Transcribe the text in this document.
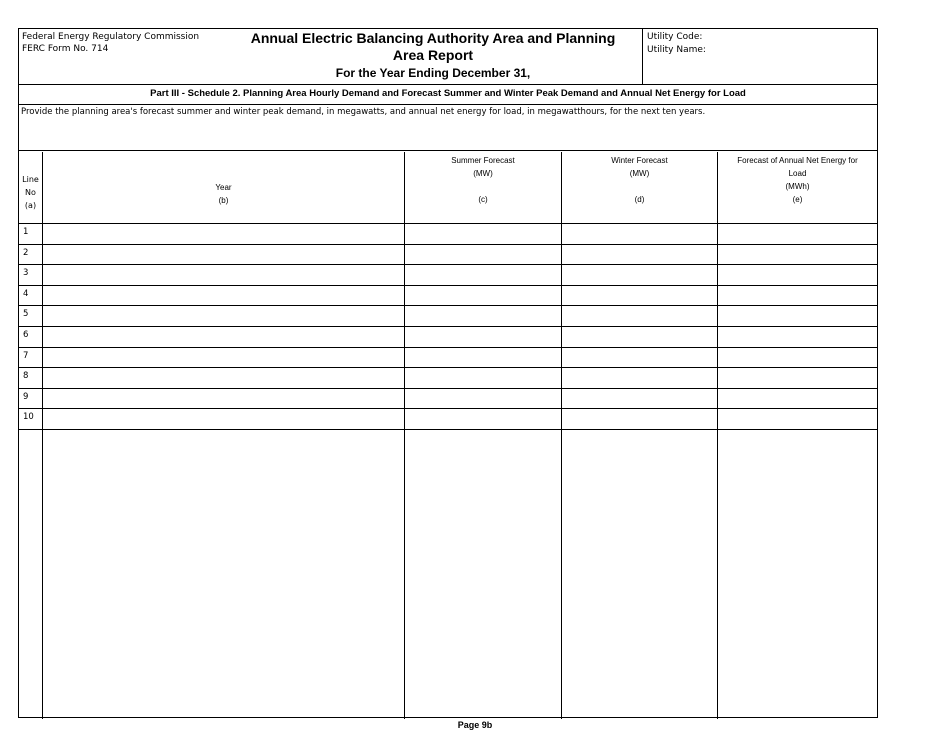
Federal Energy Regulatory Commission
FERC Form No. 714
Annual Electric Balancing Authority Area and Planning
Area Report
For the Year Ending December 31,
Utility Code:
Utility Name:
Part III - Schedule 2. Planning Area Hourly Demand and Forecast Summer and Winter Peak Demand and Annual Net Energy for Load
Provide the planning area's forecast summer and winter peak demand, in megawatts, and annual net energy for load, in megawatthours, for the next ten years.
Line
No
(a)
Year
(b)
Summer Forecast
(MW)
(c)
Winter Forecast
(MW)
(d)
Forecast of Annual Net Energy for
Load
(MWh)
(e)
1
2
3
4
5
6
7
8
9
10
Page 9b
